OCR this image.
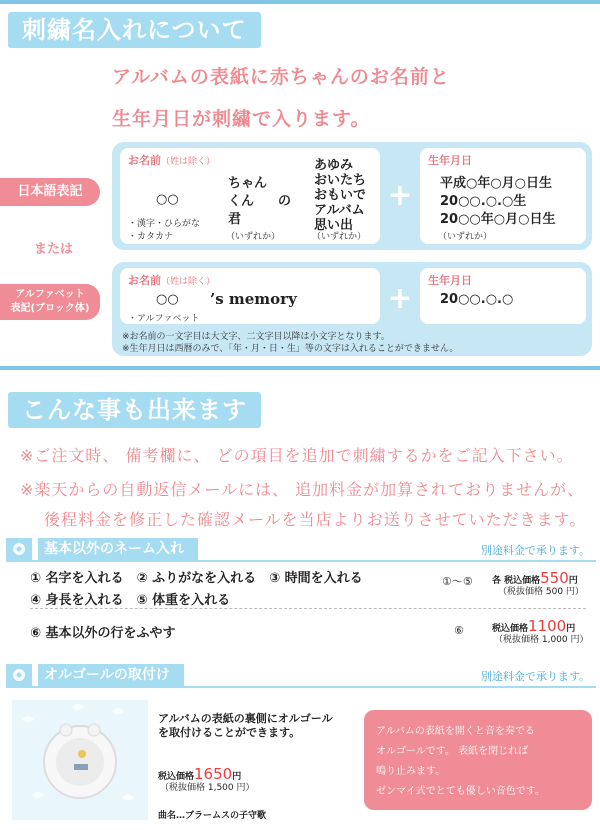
刺繍名入れについて
アルバムの表紙に赤ちゃんのお名前と
生年月日が刺繍で入ります。
日本語表記
お名前（姓は除く）
○○
・漢字・ひらがな
・カタカナ
ちゃん
くん
君
（いずれか）
の
あゆみ
おいたち
おもいで
アルバム
思い出
（いずれか）
+
生年月日
平成○年○月○日生
20○○.○.○生
20○○年○月○日生
（いずれか）
または
アルファベット
表記(ブロック体)
お名前（姓は除く）
○○ ’s memory
・アルファベット
+
生年月日
20○○.○.○
※お名前の一文字目は大文字、二文字目以降は小文字となります。
※生年月日は西暦のみで、「年・月・日・生」等の文字は入れることができません。
こんな事も出来ます
※ご注文時、 備考欄に、 どの項目を追加で刺繍するかをご記入下さい。
※楽天からの自動返信メールには、 追加料金が加算されておりませんが、
後程料金を修正した確認メールを当店よりお送りさせていただきます。
基本以外のネーム入れ	別途料金で承ります。
① 名字を入れる　② ふりがなを入れる　③ 時間を入れる
④ 身長を入れる　⑤ 体重を入れる
①～⑤ 各 税込価格550円
（税抜価格 500 円）
⑥ 基本以外の行をふやす	⑥	税込価格1100円
（税抜価格 1,000 円）
オルゴールの取付け	別途料金で承ります。
アルバムの表紙の裏側にオルゴール
を取付けることができます。
税込価格1650円
（税抜価格 1,500 円）
曲名…ブラームスの子守歌
アルバムの表紙を開くと音を奏でる
オルゴールです。 表紙を閉じれば
鳴り止みます。
ゼンマイ式でとても優しい音色です。
